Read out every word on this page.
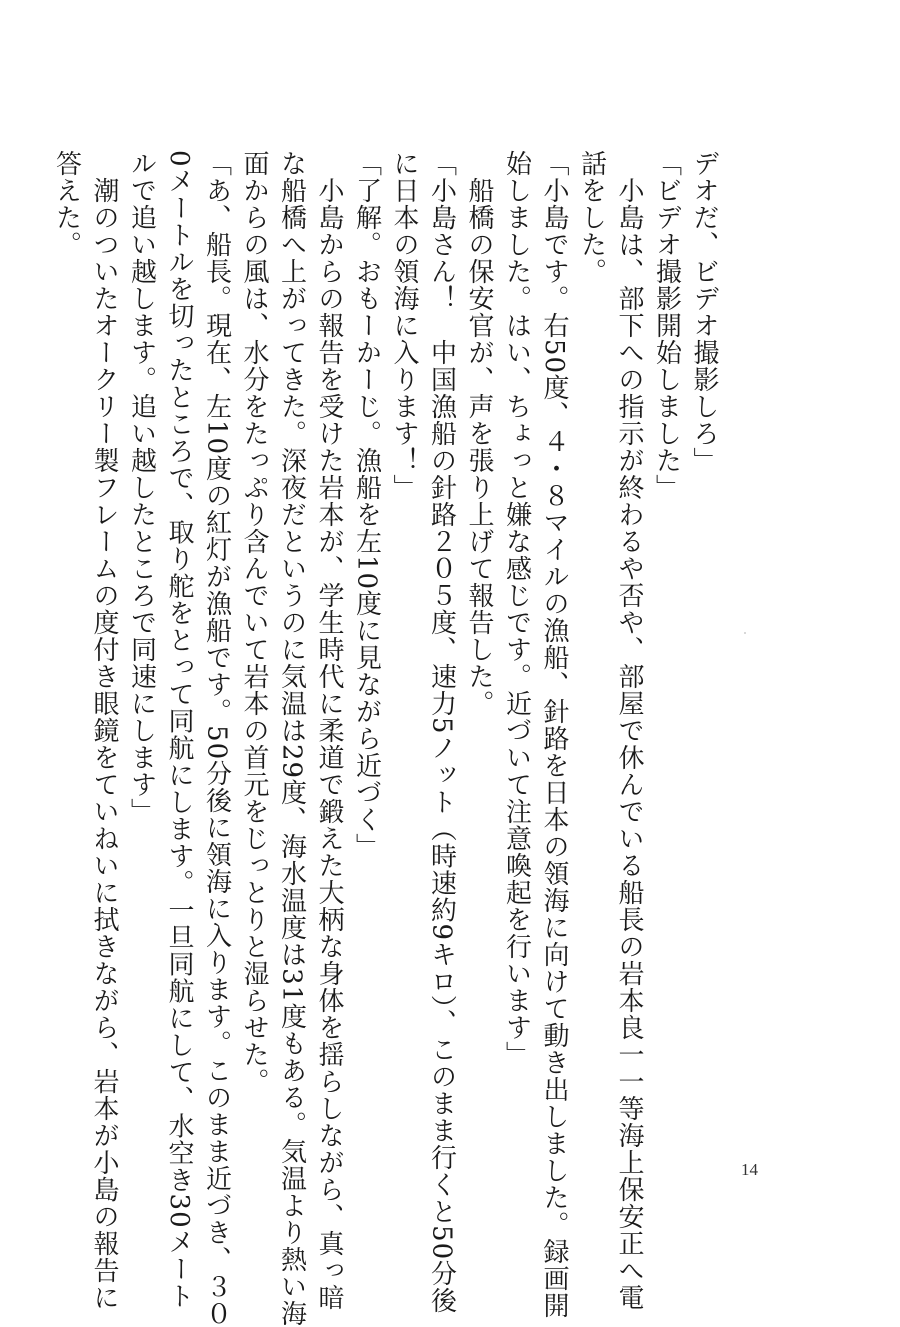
デオだ、ビデオ撮影しろ」

「ビデオ撮影開始しました」

　小島は、部下への指示が終わるや否や、部屋で休んでいる船長の岩本良一一等海上保安正へ電

話をした。

「小島です。右50度、４・８マイルの漁船、針路を日本の領海に向けて動き出しました。録画開

始しました。はい、ちょっと嫌な感じです。近づいて注意喚起を行います」

　船橋の保安官が、声を張り上げて報告した。

「小島さん！　中国漁船の針路２０５度、速力5ノット（時速約9キロ）、このまま行くと50分後

に日本の領海に入ります！」

「了解。おもーかーじ。漁船を左10度に見ながら近づく」

　小島からの報告を受けた岩本が、学生時代に柔道で鍛えた大柄な身体を揺らしながら、真っ暗

な船橋へ上がってきた。深夜だというのに気温は29度、海水温度は31度もある。気温より熱い海

面からの風は、水分をたっぷり含んでいて岩本の首元をじっとりと湿らせた。

「あ、船長。現在、左10度の紅灯が漁船です。50分後に領海に入ります。このまま近づき、３０

0メートルを切ったところで、取り舵をとって同航にします。一旦同航にして、水空き30メート

ルで追い越します。追い越したところで同速にします」

　潮のついたオークリー製フレームの度付き眼鏡をていねいに拭きながら、岩本が小島の報告に

答えた。

14
